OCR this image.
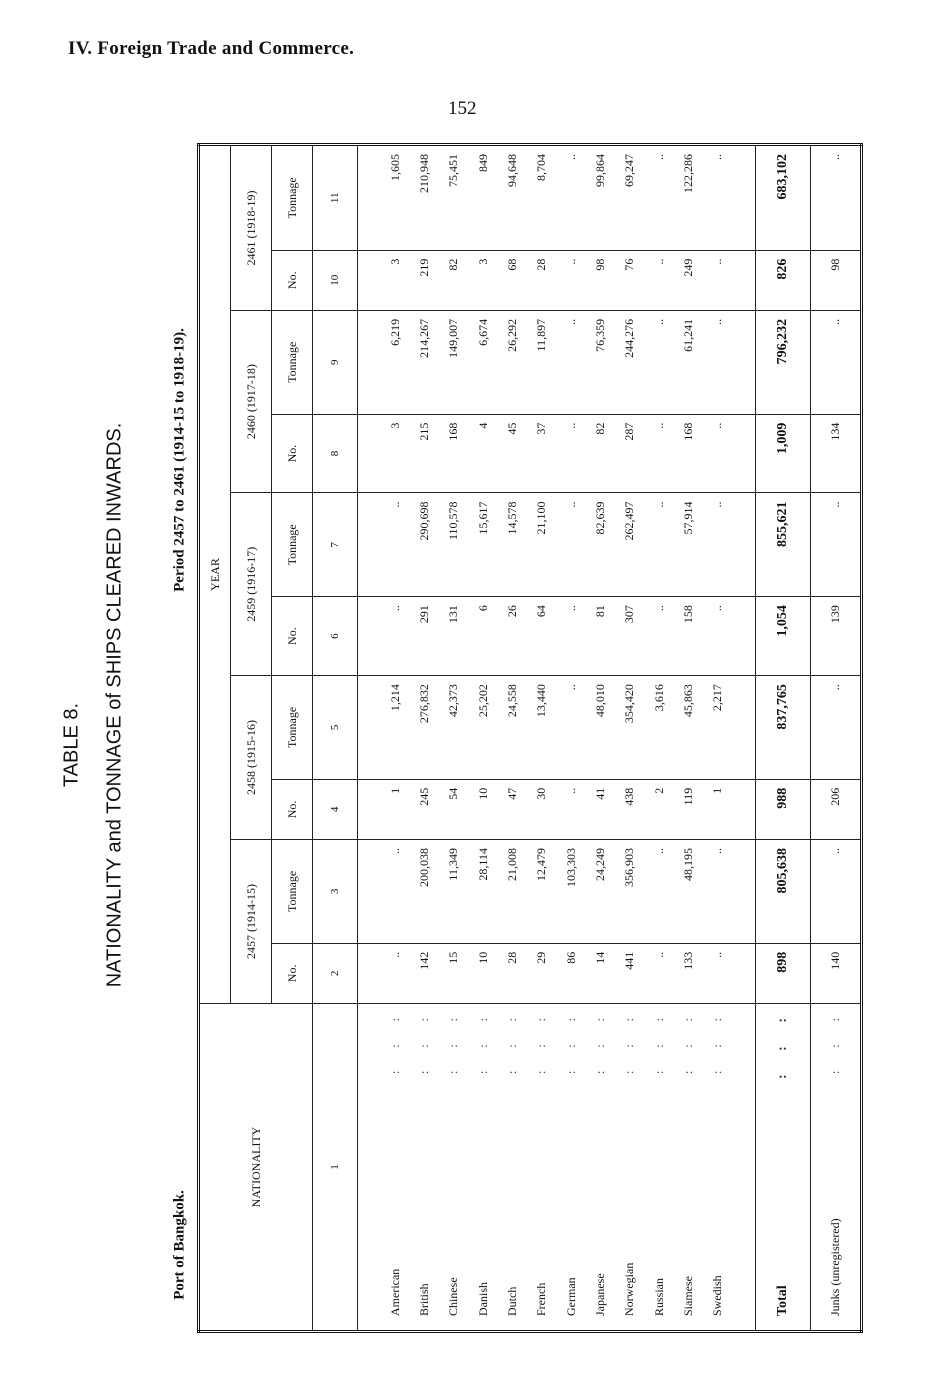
IV. Foreign Trade and Commerce.
152
TABLE 8. NATIONALITY and TONNAGE of SHIPS CLEARED INWARDS.
Port of Bangkok.
Period 2457 to 2461 (1914-15 to 1918-19).
NATIONALITY	YEAR									
	2457 (1914-15)		2458 (1915-16)		2459 (1916-17)		2460 (1917-18)		2461 (1918-19)	
	No.	Tonnage	No.	Tonnage	No.	Tonnage	No.	Tonnage	No.	Tonnage
1	2	3	4	5	6	7	8	9	10	11

American
: : :	..	..	1	1,214	..	..	3	6,219	3	1,605
British
: : :	142	200,038	245	276,832	291	290,698	215	214,267	219	210,948
Chinese
: : :	15	11,349	54	42,373	131	110,578	168	149,007	82	75,451
Danish
: : :	10	28,114	10	25,202	6	15,617	4	6,674	3	849
Dutch
: : :	28	21,008	47	24,558	26	14,578	45	26,292	68	94,648
French
: : :	29	12,479	30	13,440	64	21,100	37	11,897	28	8,704
German
: : :	86	103,303	..	..	..	..	..	..	..	..
Japanese
: : :	14	24,249	41	48,010	81	82,639	82	76,359	98	99,864
Norwegian
: : :	441	356,903	438	354,420	307	262,497	287	244,276	76	69,247
Russian
: : :	..	..	2	3,616	..	..	..	..	..	..
Siamese
: : :	133	48,195	119	45,863	158	57,914	168	61,241	249	122,286
Swedish
: : :	..	..	1	2,217	..	..	..	..	..	..

Total
: : :	898	805,638	988	837,765	1,054	855,621	1,009	796,232	826	683,102
Junks (unregistered)
: : :	140	..	206	..	139	..	134	..	98	..
